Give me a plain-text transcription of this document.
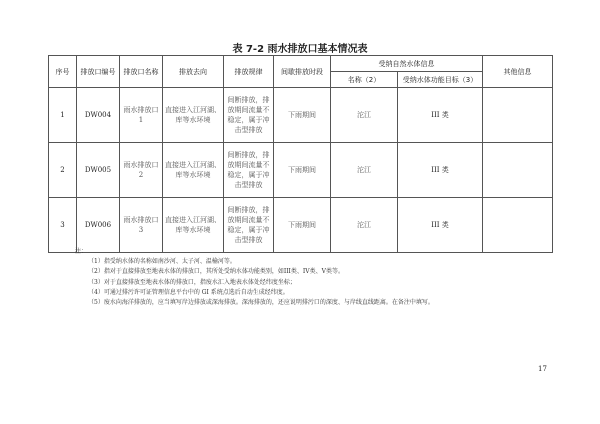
表 7-2 雨水排放口基本情况表
序号	排放口编号	排放口名称	排放去向	排放规律	间歇排放时段	受纳自然水体信息		其他信息
						名称（2）	受纳水体功能目标（3）	
1	DW004	雨水排放口 1	直接进入江河湖、库等水环境	间断排放，排放期间流量不稳定，属于冲击型排放	下雨期间	沱江	III 类	
2	DW005	雨水排放口 2	直接进入江河湖、库等水环境	间断排放，排放期间流量不稳定，属于冲击型排放	下雨期间	沱江	III 类	
3	DW006	雨水排放口 3	直接进入江河湖、库等水环境	间断排放，排放期间流量不稳定，属于冲击型排放	下雨期间	沱江	III 类	
注：
（1）指受纳水体的名称如南沙河、太子河、温榆河等。
（2）指对于直接排放至地表水体的排放口，其所处受纳水体功能类别，如III类、IV类、V类等。
（3）对于直接排放至地表水体的排放口，指废水汇入地表水体处经纬度坐标；
（4）可通过排污许可证管理信息平台中的 GI 系统点选后自动生成经纬度。
（5）废水向海洋排放的，应当填写岸边排放或深海排放。深海排放的，还应说明排污口的深度、与岸线直线距离。在备注中填写。
17
